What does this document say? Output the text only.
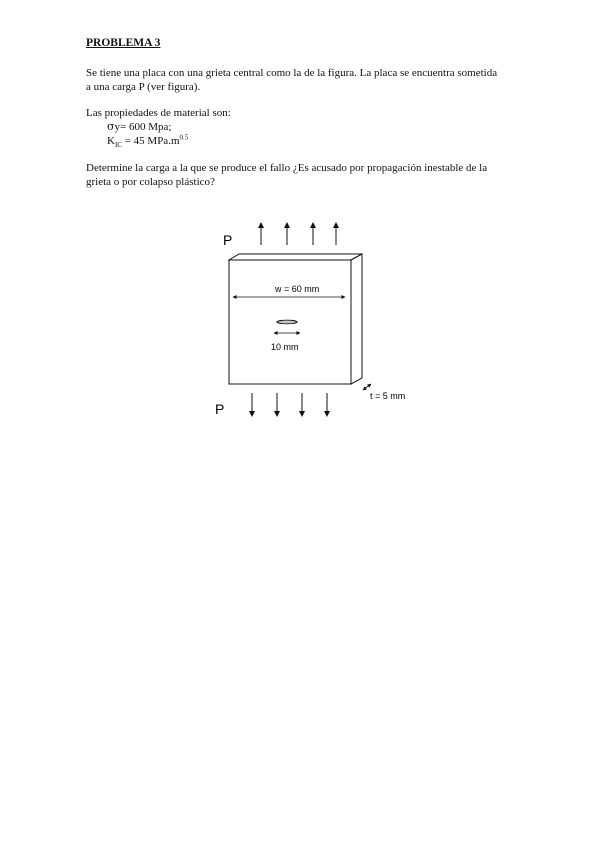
PROBLEMA 3
Se tiene una placa con una grieta central como la de la figura. La placa se encuentra sometida
a una carga P (ver figura).
Las propiedades de material son:
σy= 600 Mpa;
$K_{IC} = 45$ $MPa.m^{0.5}$
Determine la carga a la que se produce el fallo ¿Es acusado por propagación inestable de la
grieta o por colapso plástico?
P
P
w = 60 mm
10 mm
t = 5 mm
